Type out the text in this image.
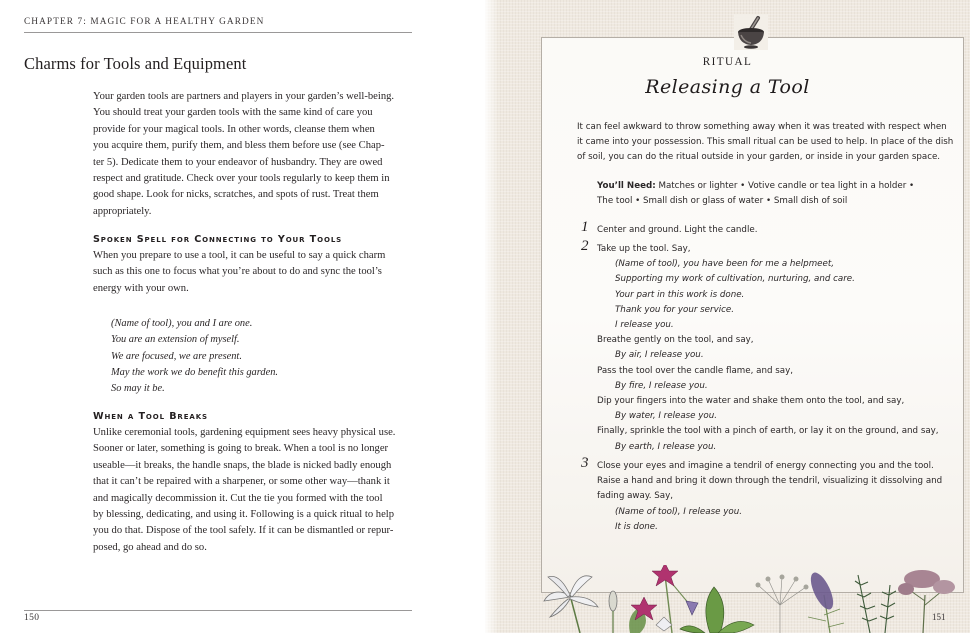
CHAPTER 7: MAGIC FOR A HEALTHY GARDEN
Charms for Tools and Equipment
Your garden tools are partners and players in your garden’s well-being.
You should treat your garden tools with the same kind of care you
provide for your magical tools. In other words, cleanse them when
you acquire them, purify them, and bless them before use (see Chap-
ter 5). Dedicate them to your endeavor of husbandry. They are owed
respect and gratitude. Check over your tools regularly to keep them in
good shape. Look for nicks, scratches, and spots of rust. Treat them
appropriately.
Spoken Spell for Connecting to Your Tools
When you prepare to use a tool, it can be useful to say a quick charm
such as this one to focus what you’re about to do and sync the tool’s
energy with your own.
(Name of tool), you and I are one.
You are an extension of myself.
We are focused, we are present.
May the work we do benefit this garden.
So may it be.
When a Tool Breaks
Unlike ceremonial tools, gardening equipment sees heavy physical use.
Sooner or later, something is going to break. When a tool is no longer
useable—it breaks, the handle snaps, the blade is nicked badly enough
that it can’t be repaired with a sharpener, or some other way—thank it
and magically decommission it. Cut the tie you formed with the tool
by blessing, dedicating, and using it. Following is a quick ritual to help
you do that. Dispose of the tool safely. If it can be dismantled or repur-
posed, go ahead and do so.
150
RITUAL
Releasing a Tool
It can feel awkward to throw something away when it was treated with respect when
it came into your possession. This small ritual can be used to help. In place of the dish
of soil, you can do the ritual outside in your garden, or inside in your garden space.
You’ll Need: Matches or lighter • Votive candle or tea light in a holder •
The tool • Small dish or glass of water • Small dish of soil
1 Center and ground. Light the candle.
2 Take up the tool. Say,
(Name of tool), you have been for me a helpmeet,
Supporting my work of cultivation, nurturing, and care.
Your part in this work is done.
Thank you for your service.
I release you.
Breathe gently on the tool, and say,
By air, I release you.
Pass the tool over the candle flame, and say,
By fire, I release you.
Dip your fingers into the water and shake them onto the tool, and say,
By water, I release you.
Finally, sprinkle the tool with a pinch of earth, or lay it on the ground, and say,
By earth, I release you.
3 Close your eyes and imagine a tendril of energy connecting you and the tool.
Raise a hand and bring it down through the tendril, visualizing it dissolving and
fading away. Say,
(Name of tool), I release you.
It is done.
151
